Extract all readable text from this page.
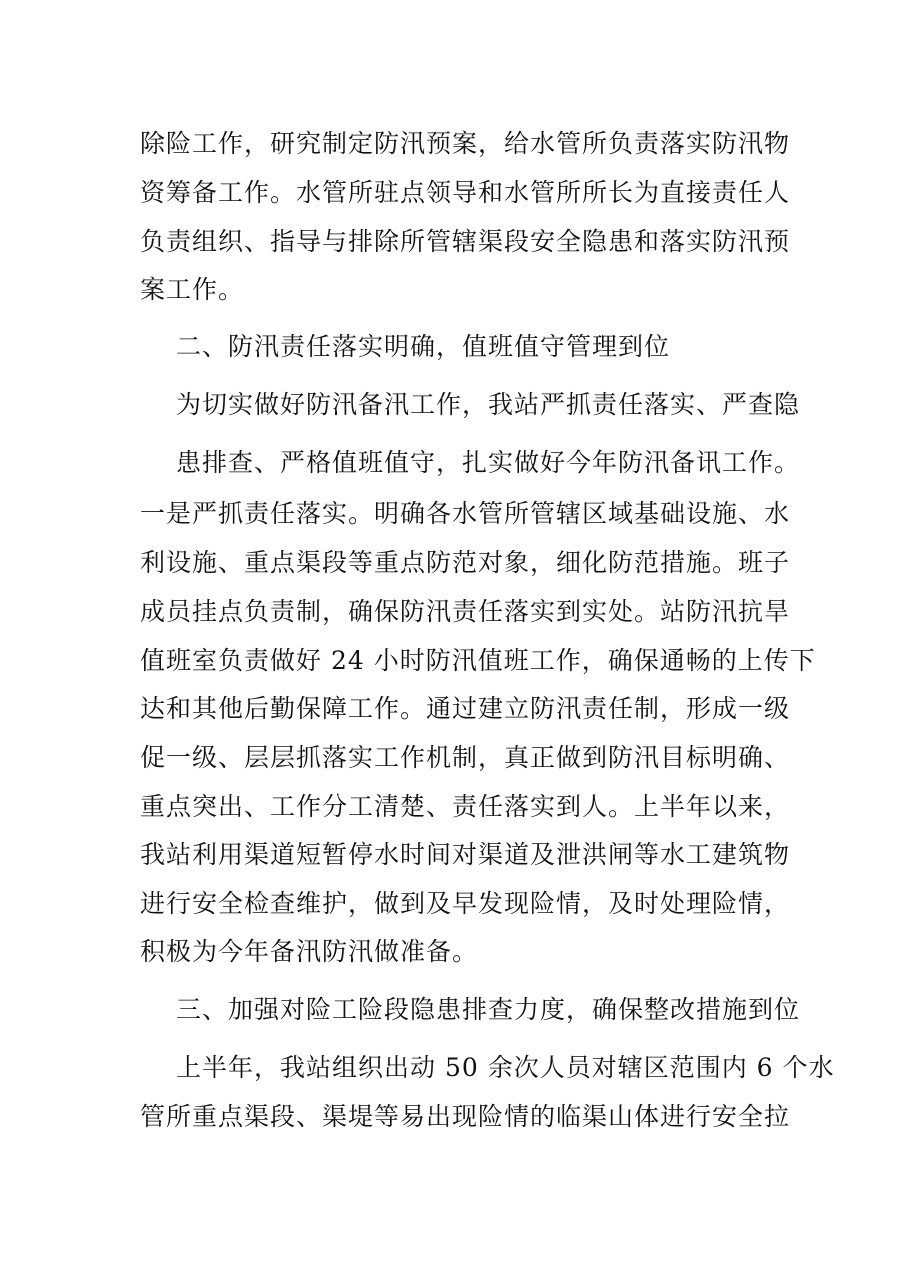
除险工作，研究制定防汛预案，给水管所负责落实防汛物
资筹备工作。水管所驻点领导和水管所所长为直接责任人
负责组织、指导与排除所管辖渠段安全隐患和落实防汛预
案工作。
二、防汛责任落实明确，值班值守管理到位
为切实做好防汛备汛工作，我站严抓责任落实、严查隐
患排查、严格值班值守，扎实做好今年防汛备讯工作。
一是严抓责任落实。明确各水管所管辖区域基础设施、水
利设施、重点渠段等重点防范对象，细化防范措施。班子
成员挂点负责制，确保防汛责任落实到实处。站防汛抗旱
值班室负责做好 24 小时防汛值班工作，确保通畅的上传下
达和其他后勤保障工作。通过建立防汛责任制，形成一级
促一级、层层抓落实工作机制，真正做到防汛目标明确、
重点突出、工作分工清楚、责任落实到人。上半年以来，
我站利用渠道短暂停水时间对渠道及泄洪闸等水工建筑物
进行安全检查维护，做到及早发现险情，及时处理险情，
积极为今年备汛防汛做准备。
三、加强对险工险段隐患排查力度，确保整改措施到位
上半年，我站组织出动 50 余次人员对辖区范围内 6 个水
管所重点渠段、渠堤等易出现险情的临渠山体进行安全拉
